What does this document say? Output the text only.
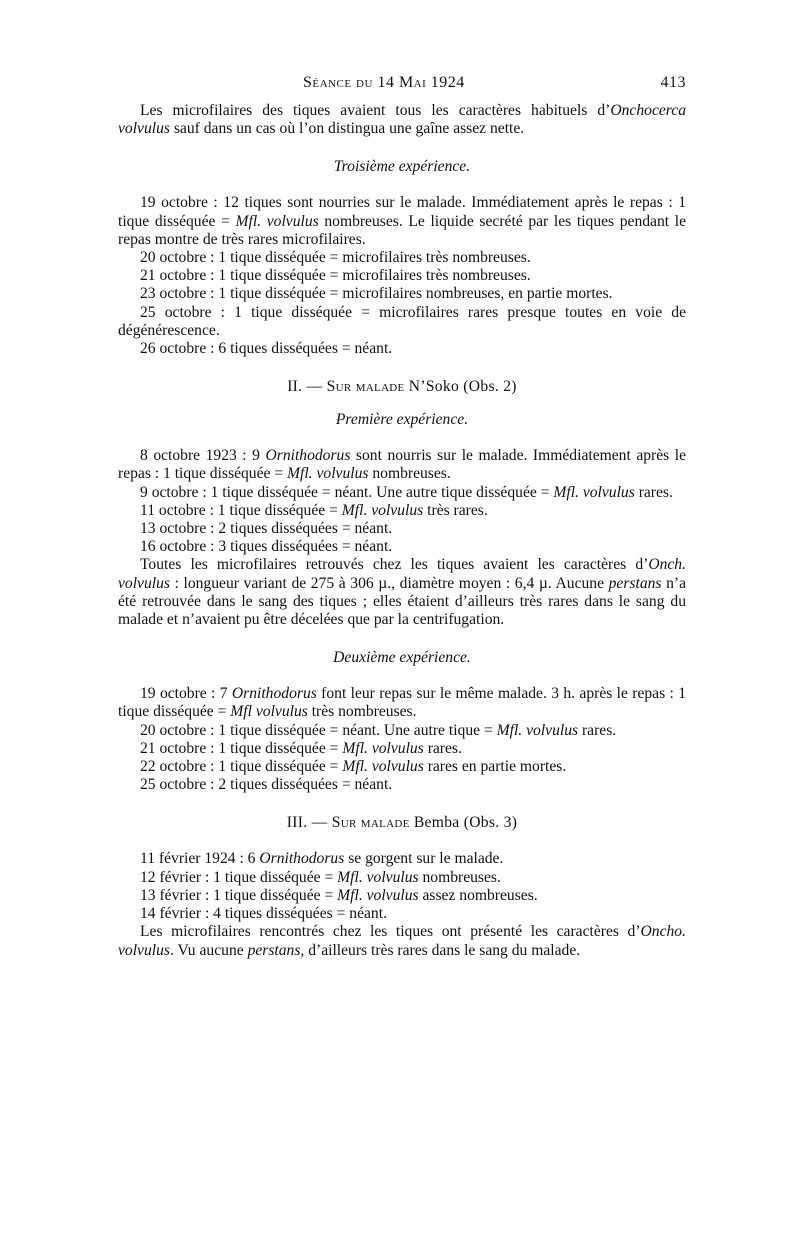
Séance du 14 Mai 1924	413

Les microfilaires des tiques avaient tous les caractères habituels d’Onchocerca volvulus sauf dans un cas où l’on distingua une gaîne assez nette.

Troisième expérience.

19 octobre : 12 tiques sont nourries sur le malade. Immédiatement après le repas : 1 tique disséquée = Mfl. volvulus nombreuses. Le liquide secrété par les tiques pendant le repas montre de très rares microfilaires.

20 octobre : 1 tique disséquée = microfilaires très nombreuses.

21 octobre : 1 tique disséquée = microfilaires très nombreuses.

23 octobre : 1 tique disséquée = microfilaires nombreuses, en partie mortes.

25 octobre : 1 tique disséquée = microfilaires rares presque toutes en voie de dégénérescence.

26 octobre : 6 tiques disséquées = néant.

II. — Sur malade N’Soko (Obs. 2)
Première expérience.

8 octobre 1923 : 9 Ornithodorus sont nourris sur le malade. Immédiatement après le repas : 1 tique disséquée = Mfl. volvulus nombreuses.

9 octobre : 1 tique disséquée = néant. Une autre tique disséquée = Mfl. volvulus rares.

11 octobre : 1 tique disséquée = Mfl. volvulus très rares.

13 octobre : 2 tiques disséquées = néant.

16 octobre : 3 tiques disséquées = néant.

Toutes les microfilaires retrouvés chez les tiques avaient les caractères d’Onch. volvulus : longueur variant de 275 à 306 µ., diamètre moyen : 6,4 µ. Aucune perstans n’a été retrouvée dans le sang des tiques ; elles étaient d’ailleurs très rares dans le sang du malade et n’avaient pu être décelées que par la centrifugation.

Deuxième expérience.

19 octobre : 7 Ornithodorus font leur repas sur le même malade. 3 h. après le repas : 1 tique disséquée = Mfl volvulus très nombreuses.

20 octobre : 1 tique disséquée = néant. Une autre tique = Mfl. volvulus rares.

21 octobre : 1 tique disséquée = Mfl. volvulus rares.

22 octobre : 1 tique disséquée = Mfl. volvulus rares en partie mortes.

25 octobre : 2 tiques disséquées = néant.

III. — Sur malade Bemba (Obs. 3)

11 février 1924 : 6 Ornithodorus se gorgent sur le malade.

12 février : 1 tique disséquée = Mfl. volvulus nombreuses.

13 février : 1 tique disséquée = Mfl. volvulus assez nombreuses.

14 février : 4 tiques disséquées = néant.

Les microfilaires rencontrés chez les tiques ont présenté les caractères d’Oncho. volvulus. Vu aucune perstans, d’ailleurs très rares dans le sang du malade.
